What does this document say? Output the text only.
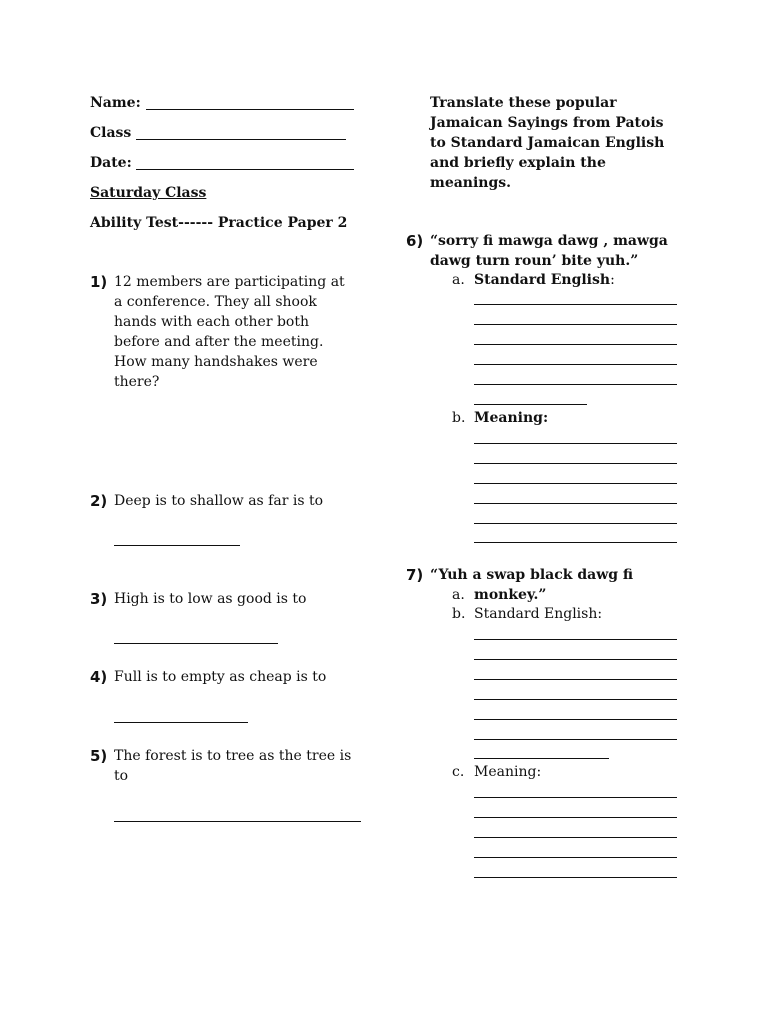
Name:
Class
Date:
Saturday Class
Ability Test------ Practice Paper 2
1) 12 members are participating at a conference. They all shook hands with each other both before and after the meeting. How many handshakes were there?
2) Deep is to shallow as far is to
3) High is to low as good is to
4) Full is to empty as cheap is to
5) The forest is to tree as the tree is to
Translate these popular Jamaican Sayings from Patois to Standard Jamaican English and briefly explain the meanings.
6) “sorry fi mawga dawg , mawga dawg turn roun’ bite yuh.”
a. Standard English:
b. Meaning:
7) “Yuh a swap black dawg fi
a. monkey.”
b. Standard English:
c. Meaning:
